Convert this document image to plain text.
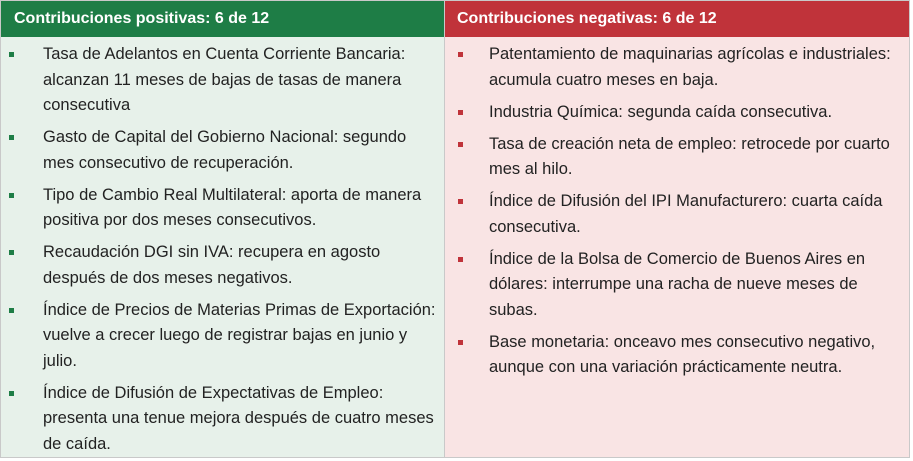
Contribuciones positivas: 6 de 12
Tasa de Adelantos en Cuenta Corriente Bancaria: alcanzan 11 meses de bajas de tasas de manera consecutiva
Gasto de Capital del Gobierno Nacional: segundo mes consecutivo de recuperación.
Tipo de Cambio Real Multilateral: aporta de manera positiva por dos meses consecutivos.
Recaudación DGI sin IVA: recupera en agosto después de dos meses negativos.
Índice de Precios de Materias Primas de Exportación: vuelve a crecer luego de registrar bajas en junio y julio.
Índice de Difusión de Expectativas de Empleo: presenta una tenue mejora después de cuatro meses de caída.
Contribuciones negativas: 6 de 12
Patentamiento de maquinarias agrícolas e industriales: acumula cuatro meses en baja.
Industria Química: segunda caída consecutiva.
Tasa de creación neta de empleo: retrocede por cuarto mes al hilo.
Índice de Difusión del IPI Manufacturero: cuarta caída consecutiva.
Índice de la Bolsa de Comercio de Buenos Aires en dólares: interrumpe una racha de nueve meses de subas.
Base monetaria: onceavo mes consecutivo negativo, aunque con una variación prácticamente neutra.
